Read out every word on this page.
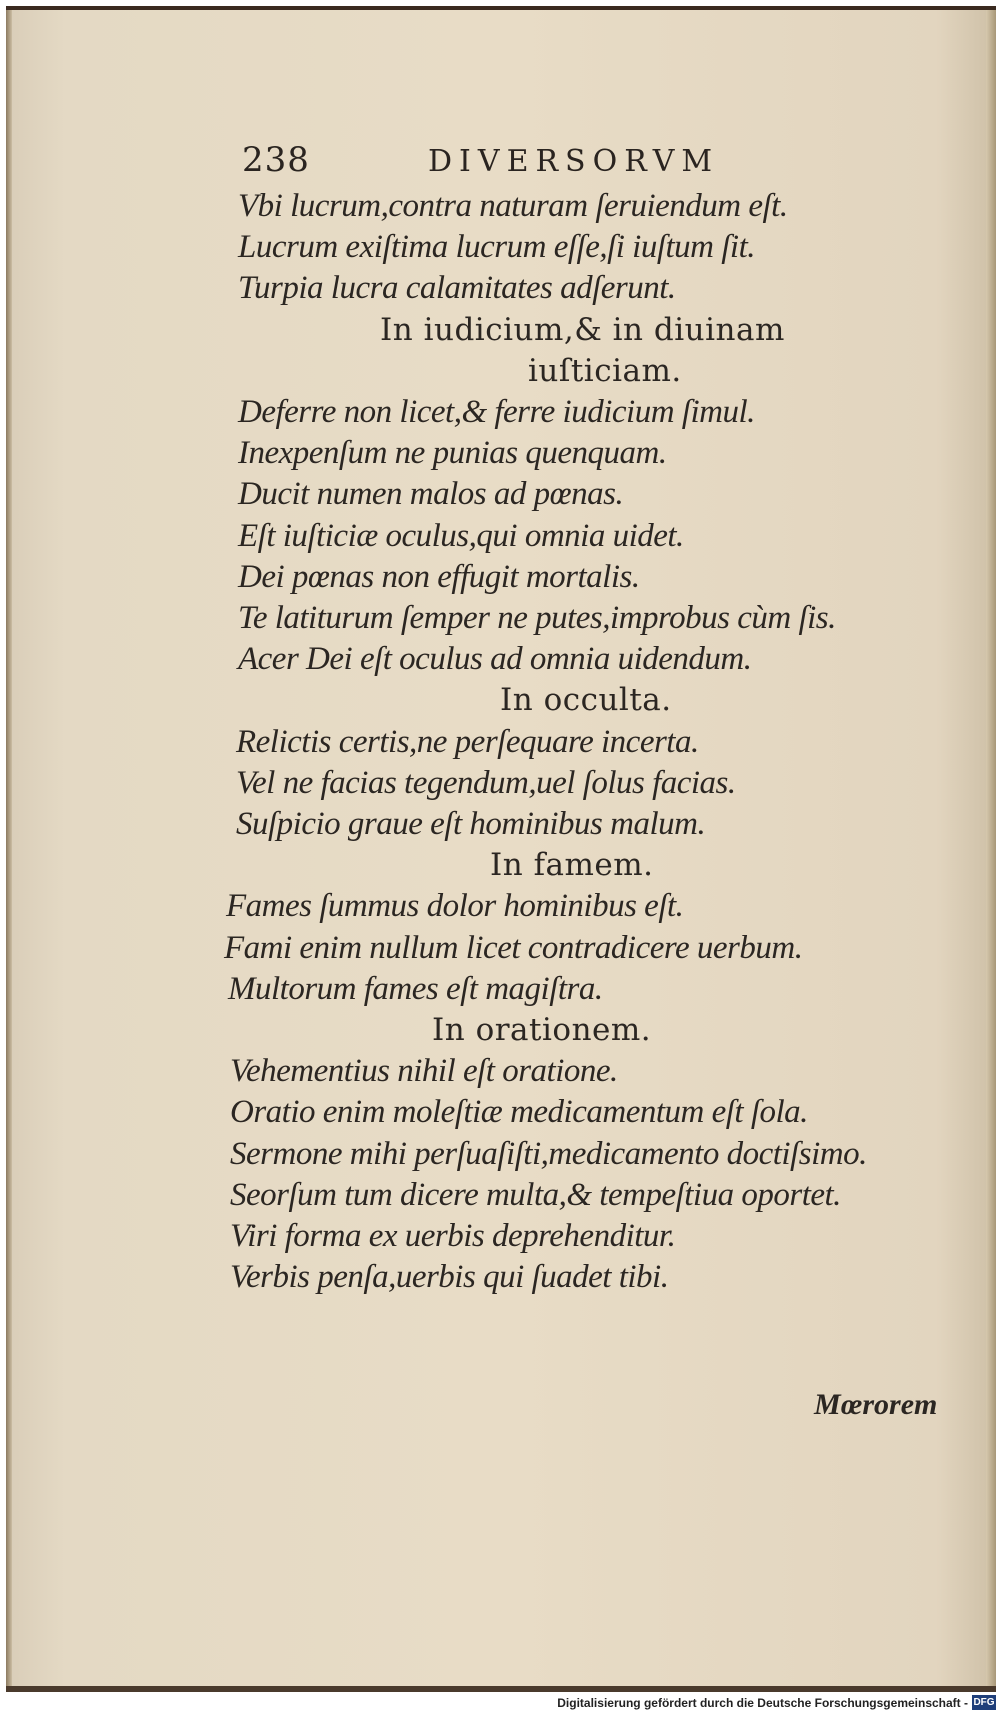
238	DIVERSORVM
Vbi lucrum,contra naturam ſeruiendum eſt.
Lucrum exiſtima lucrum eſſe,ſi iuſtum ſit.
Turpia lucra calamitates adſerunt.
In iudicium,& in diuinam
iuſticiam.
Deferre non licet,& ferre iudicium ſimul.
Inexpenſum ne punias quenquam.
Ducit numen malos ad pœnas.
Eſt iuſticiæ oculus,qui omnia uidet.
Dei pœnas non effugit mortalis.
Te latiturum ſemper ne putes,improbus cùm ſis.
Acer Dei eſt oculus ad omnia uidendum.
In occulta.
Relictis certis,ne perſequare incerta.
Vel ne facias tegendum,uel ſolus facias.
Suſpicio graue eſt hominibus malum.
In famem.
Fames ſummus dolor hominibus eſt.
Fami enim nullum licet contradicere uerbum.
Multorum fames eſt magiſtra.
In orationem.
Vehementius nihil eſt oratione.
Oratio enim moleſtiæ medicamentum eſt ſola.
Sermone mihi perſuaſiſti,medicamento doctiſsimo.
Seorſum tum dicere multa,& tempeſtiua oportet.
Viri forma ex uerbis deprehenditur.
Verbis penſa,uerbis qui ſuadet tibi.
Mœrorem
Digitalisierung gefördert durch die Deutsche Forschungsgemeinschaft - DFG
